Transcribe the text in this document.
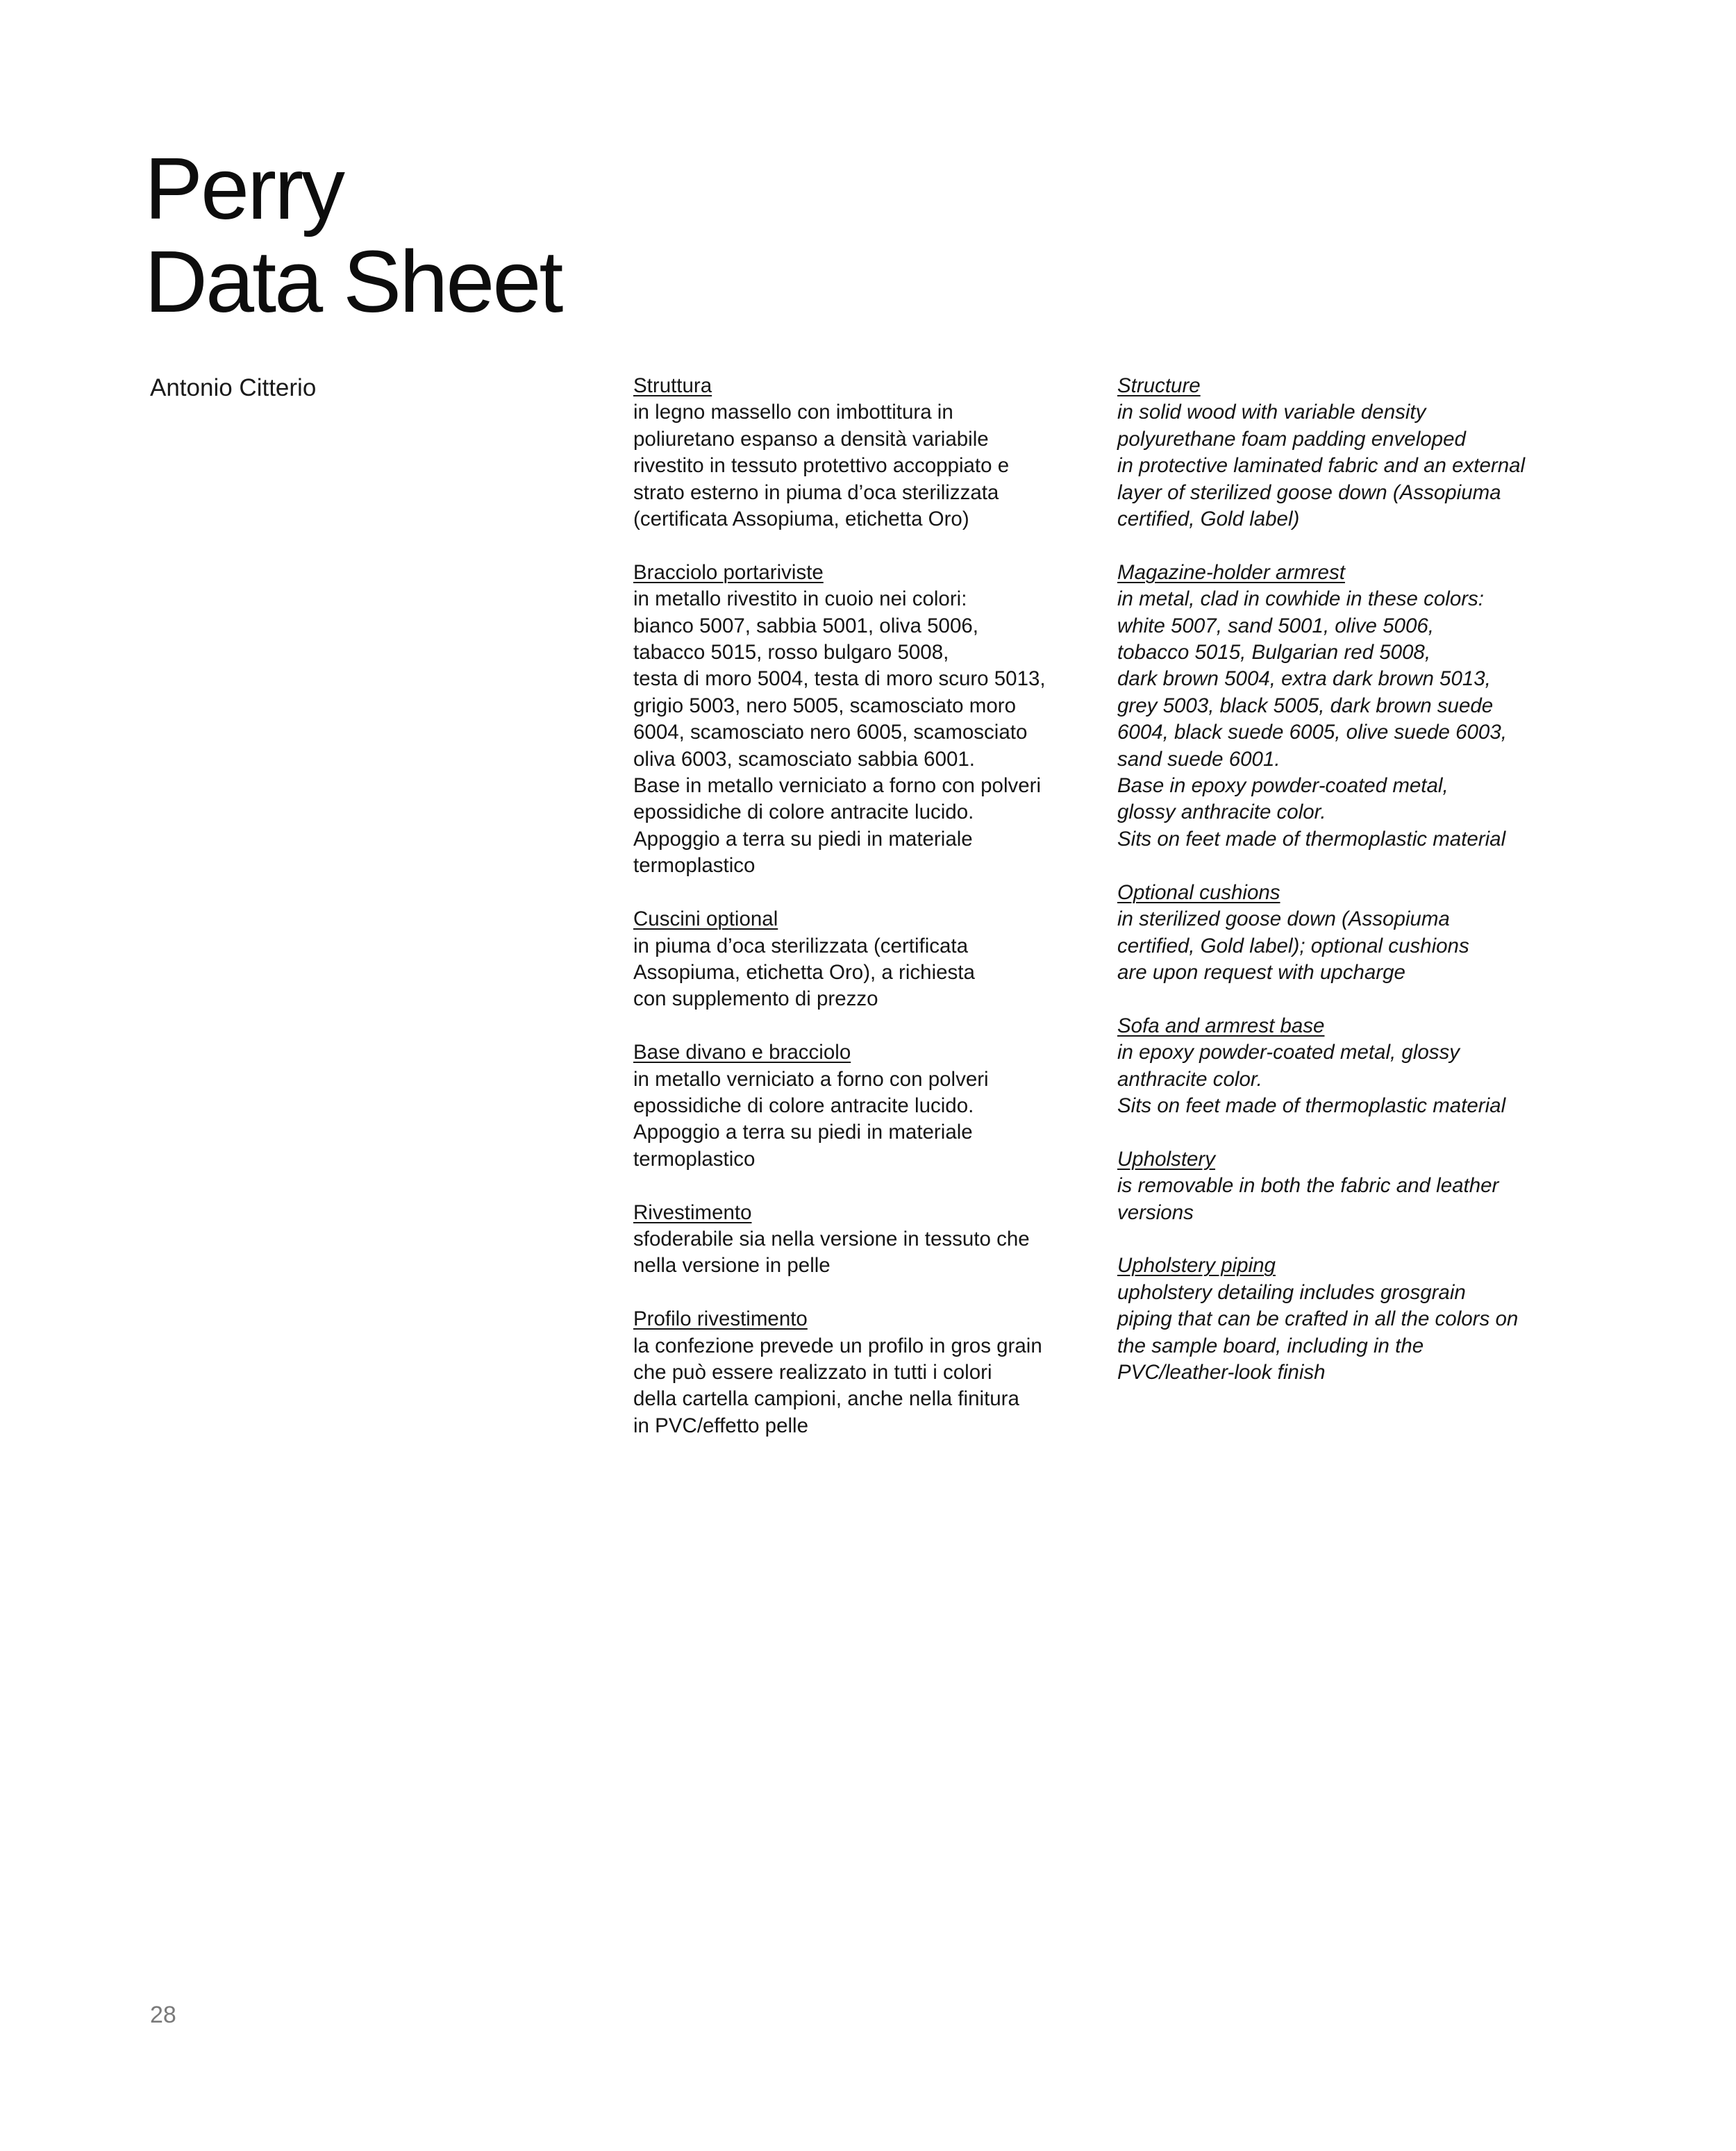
Perry
Data Sheet
Antonio Citterio	Struttura
in legno massello con imbottitura in
poliuretano espanso a densità variabile
rivestito in tessuto protettivo accoppiato e
strato esterno in piuma d’oca sterilizzata
(certificata Assopiuma, etichetta Oro)
Bracciolo portariviste
in metallo rivestito in cuoio nei colori:
bianco 5007, sabbia 5001, oliva 5006,
tabacco 5015, rosso bulgaro 5008,
testa di moro 5004, testa di moro scuro 5013,
grigio 5003, nero 5005, scamosciato moro
6004, scamosciato nero 6005, scamosciato
oliva 6003, scamosciato sabbia 6001.
Base in metallo verniciato a forno con polveri
epossidiche di colore antracite lucido.
Appoggio a terra su piedi in materiale
termoplastico
Cuscini optional
in piuma d’oca sterilizzata (certificata
Assopiuma, etichetta Oro), a richiesta
con supplemento di prezzo
Base divano e bracciolo
in metallo verniciato a forno con polveri
epossidiche di colore antracite lucido.
Appoggio a terra su piedi in materiale
termoplastico
Rivestimento
sfoderabile sia nella versione in tessuto che
nella versione in pelle
Profilo rivestimento
la confezione prevede un profilo in gros grain
che può essere realizzato in tutti i colori
della cartella campioni, anche nella finitura
in PVC/effetto pelle
Structure
in solid wood with variable density
polyurethane foam padding enveloped
in protective laminated fabric and an external
layer of sterilized goose down (Assopiuma
certified, Gold label)
Magazine-holder armrest
in metal, clad in cowhide in these colors:
white 5007, sand 5001, olive 5006,
tobacco 5015, Bulgarian red 5008,
dark brown 5004, extra dark brown 5013,
grey 5003, black 5005, dark brown suede
6004, black suede 6005, olive suede 6003,
sand suede 6001.
Base in epoxy powder-coated metal,
glossy anthracite color.
Sits on feet made of thermoplastic material
Optional cushions
in sterilized goose down (Assopiuma
certified, Gold label); optional cushions
are upon request with upcharge
Sofa and armrest base
in epoxy powder-coated metal, glossy
anthracite color.
Sits on feet made of thermoplastic material
Upholstery
is removable in both the fabric and leather
versions
Upholstery piping
upholstery detailing includes grosgrain
piping that can be crafted in all the colors on
the sample board, including in the
PVC/leather-look finish
28
